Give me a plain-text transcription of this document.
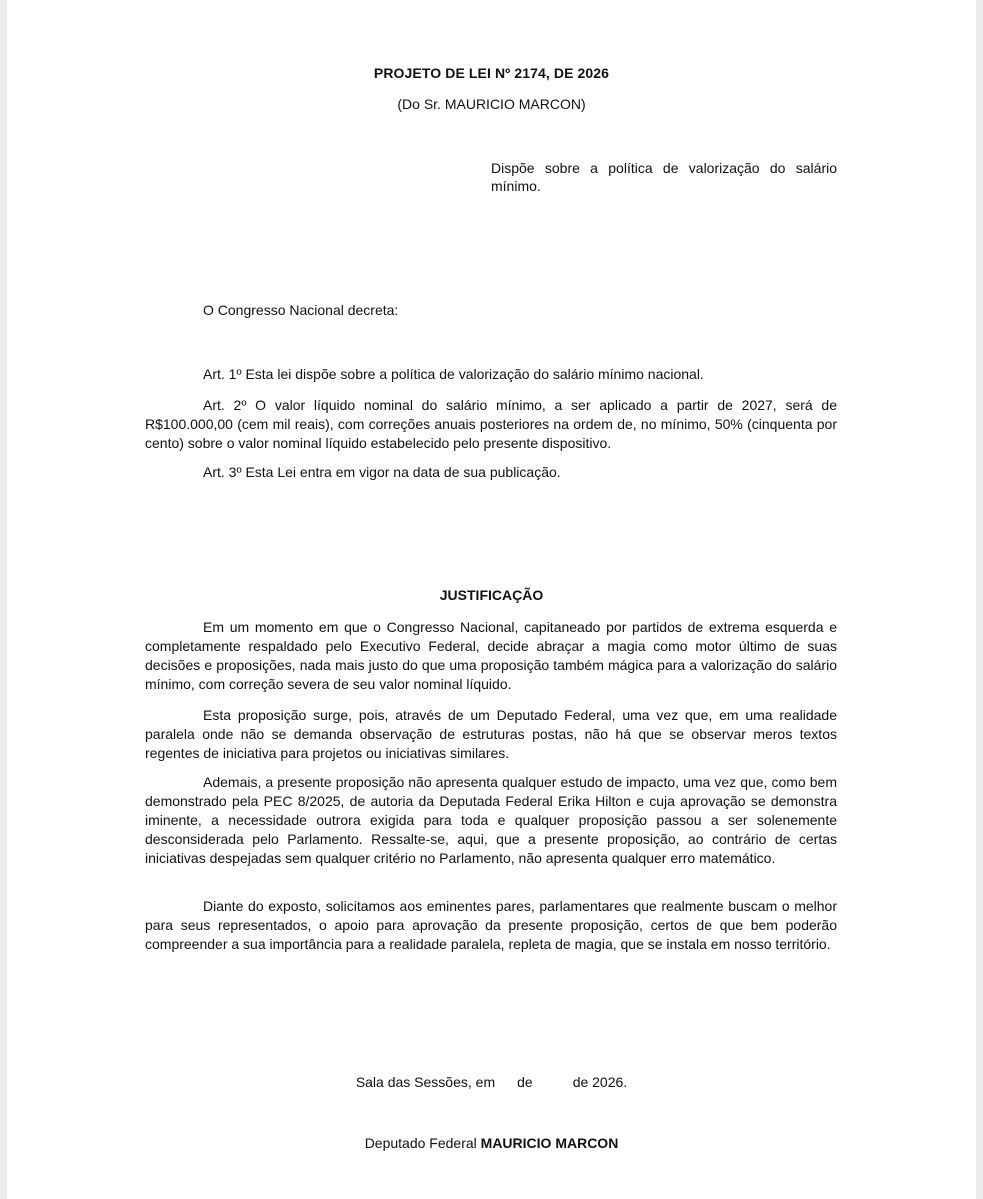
PROJETO DE LEI Nº 2174, DE 2026

(Do Sr. MAURICIO MARCON)

Dispõe sobre a política de valorização do salário mínimo.

O Congresso Nacional decreta:

Art. 1º Esta lei dispõe sobre a política de valorização do salário mínimo nacional.

Art. 2º O valor líquido nominal do salário mínimo, a ser aplicado a partir de 2027, será de R$100.000,00 (cem mil reais), com correções anuais posteriores na ordem de, no mínimo, 50% (cinquenta por cento) sobre o valor nominal líquido estabelecido pelo presente dispositivo.

Art. 3º Esta Lei entra em vigor na data de sua publicação.

JUSTIFICAÇÃO

Em um momento em que o Congresso Nacional, capitaneado por partidos de extrema esquerda e completamente respaldado pelo Executivo Federal, decide abraçar a magia como motor último de suas decisões e proposições, nada mais justo do que uma proposição também mágica para a valorização do salário mínimo, com correção severa de seu valor nominal líquido.

Esta proposição surge, pois, através de um Deputado Federal, uma vez que, em uma realidade paralela onde não se demanda observação de estruturas postas, não há que se observar meros textos regentes de iniciativa para projetos ou iniciativas similares.

Ademais, a presente proposição não apresenta qualquer estudo de impacto, uma vez que, como bem demonstrado pela PEC 8/2025, de autoria da Deputada Federal Erika Hilton e cuja aprovação se demonstra iminente, a necessidade outrora exigida para toda e qualquer proposição passou a ser solenemente desconsiderada pelo Parlamento. Ressalte-se, aqui, que a presente proposição, ao contrário de certas iniciativas despejadas sem qualquer critério no Parlamento, não apresenta qualquer erro matemático.

Diante do exposto, solicitamos aos eminentes pares, parlamentares que realmente buscam o melhor para seus representados, o apoio para aprovação da presente proposição, certos de que bem poderão compreender a sua importância para a realidade paralela, repleta de magia, que se instala em nosso território.

Sala das Sessões, em de	de 2026.

Deputado Federal MAURICIO MARCON
